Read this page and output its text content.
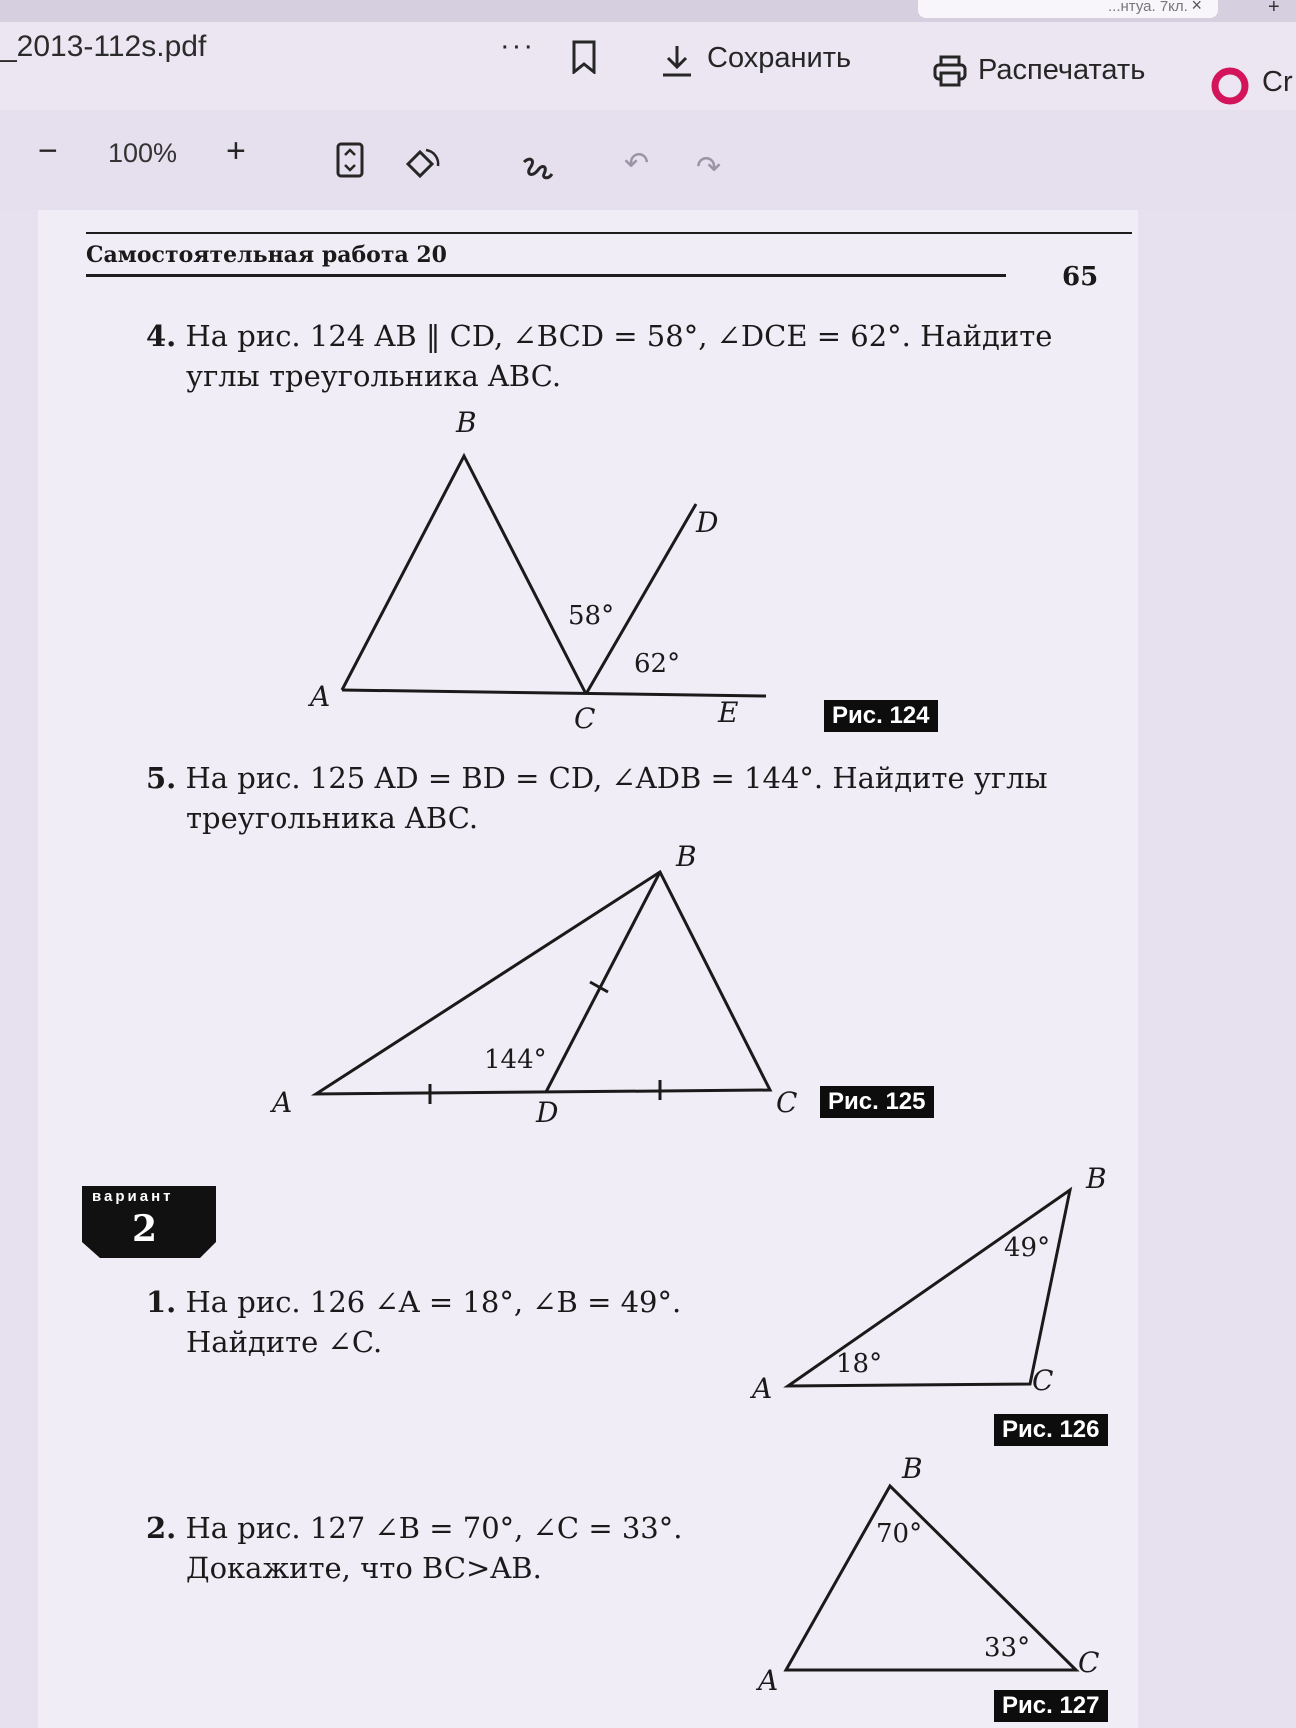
...нтуа. 7кл. ×	+
_2013-112s.pdf	···	Сохранить	Распечатать	Cr
− 100% +	↶ ↷
Самостоятельная работа 20
65
4. На рис. 124 AB ‖ CD, ∠BCD = 58°, ∠DCE = 62°. Найдите
углы треугольника ABC.
B
D
A
C	E
58°
62°
Рис. 124
5. На рис. 125 AD = BD = CD, ∠ADB = 144°. Найдите углы
треугольника ABC.
B
A	D	C
144°
Рис. 125
вариант
2
1. На рис. 126 ∠A = 18°, ∠B = 49°.
Найдите ∠C.
B
A	C
18°
49°
Рис. 126
2. На рис. 127 ∠B = 70°, ∠C = 33°.
Докажите, что BC>AB.
B
A
C
70°
33°
Рис. 127
